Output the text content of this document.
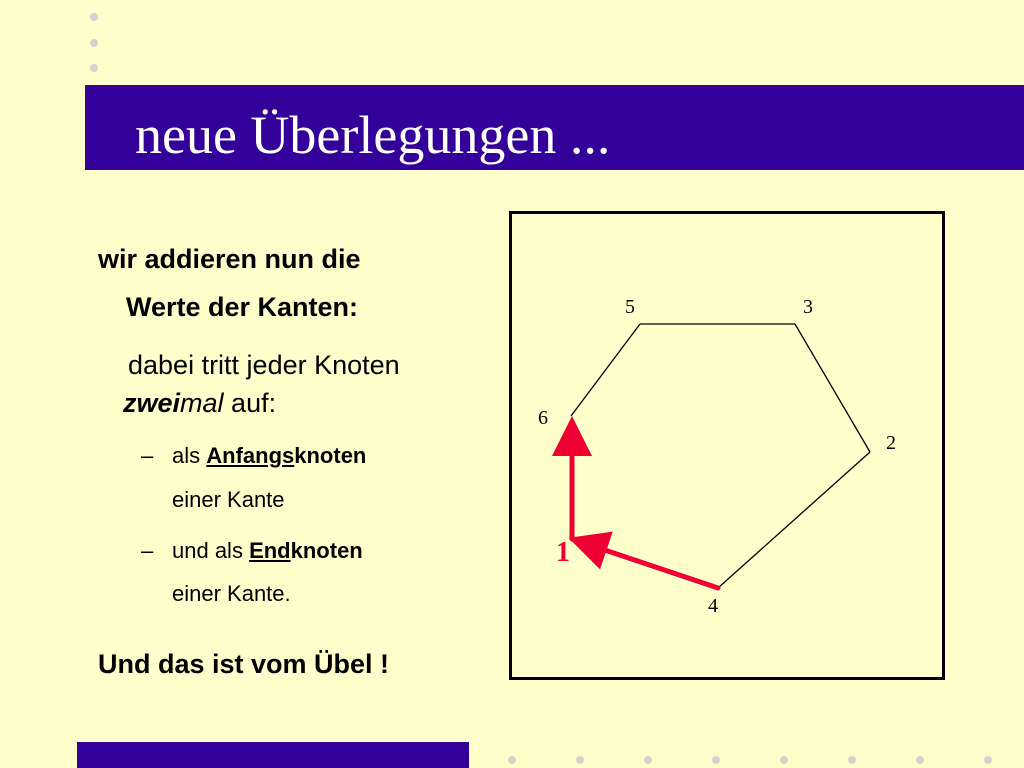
neue Überlegungen ...
wir addieren nun die
Werte der Kanten:
dabei tritt jeder Knoten
zweimal auf:
– als Anfangsknoten
einer Kante
– und als Endknoten
einer Kante.
Und das ist vom Übel !
5	3
2
4
6
1
